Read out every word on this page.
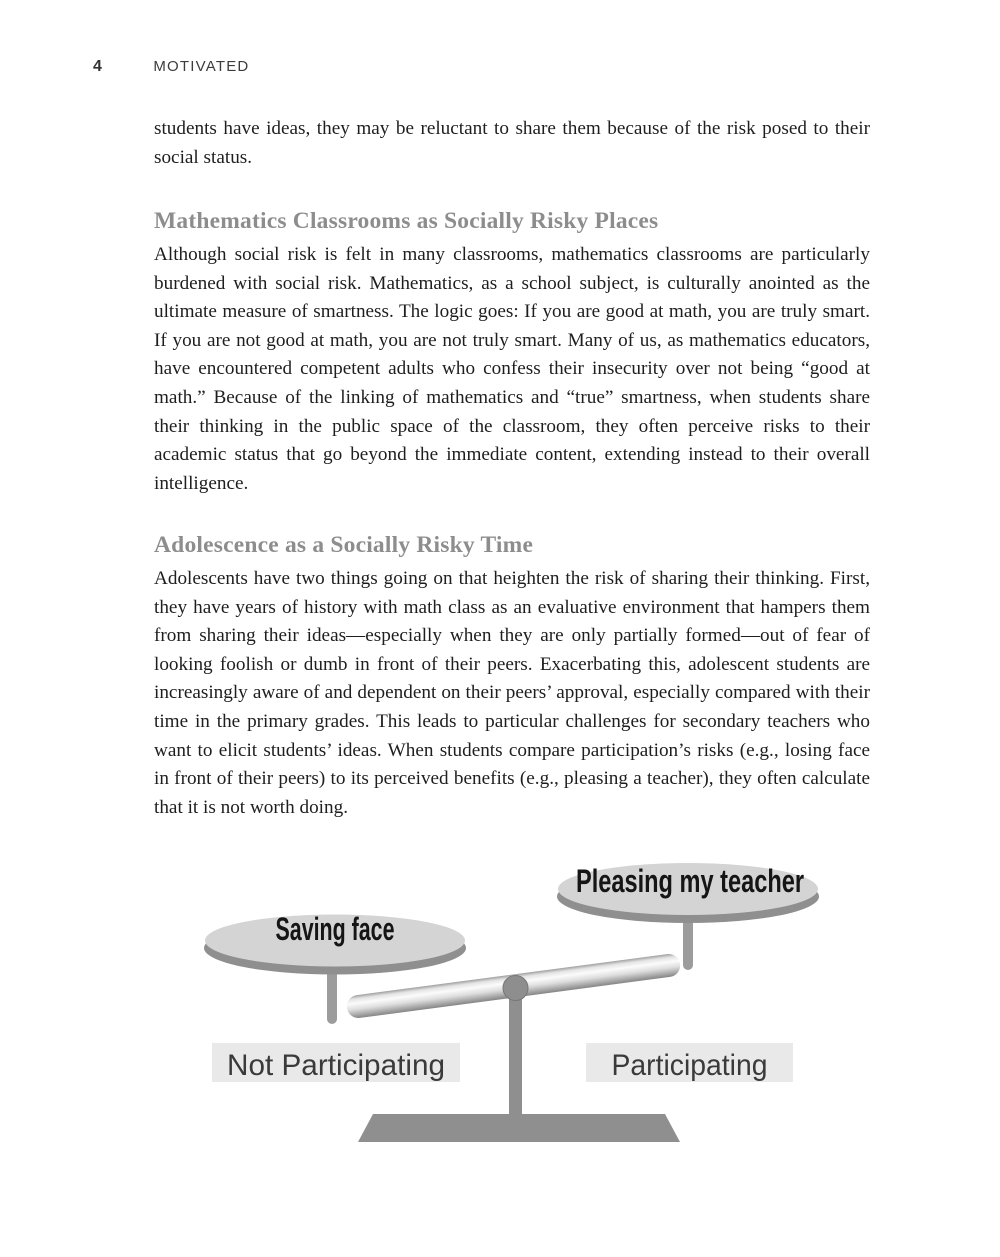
4	MOTIVATED

students have ideas, they may be reluctant to share them because of the risk posed to their social status.

Mathematics Classrooms as Socially Risky Places

Although social risk is felt in many classrooms, mathematics classrooms are particularly burdened with social risk. Mathematics, as a school subject, is culturally anointed as the ultimate measure of smartness. The logic goes: If you are good at math, you are truly smart. If you are not good at math, you are not truly smart. Many of us, as mathematics educators, have encountered competent adults who confess their insecurity over not being “good at math.” Because of the linking of mathematics and “true” smartness, when students share their thinking in the public space of the classroom, they often perceive risks to their academic status that go beyond the immediate content, extending instead to their overall intelligence.

Adolescence as a Socially Risky Time

Adolescents have two things going on that heighten the risk of sharing their thinking. First, they have years of history with math class as an evaluative environment that hampers them from sharing their ideas—especially when they are only partially formed—out of fear of looking foolish or dumb in front of their peers. Exacerbating this, adolescent students are increasingly aware of and dependent on their peers’ approval, especially compared with their time in the primary grades. This leads to particular challenges for secondary teachers who want to elicit students’ ideas. When students compare participation’s risks (e.g., losing face in front of their peers) to its perceived benefits (e.g., pleasing a teacher), they often calculate that it is not worth doing.

Saving face
Pleasing my teacher
Not Participating	Participating
